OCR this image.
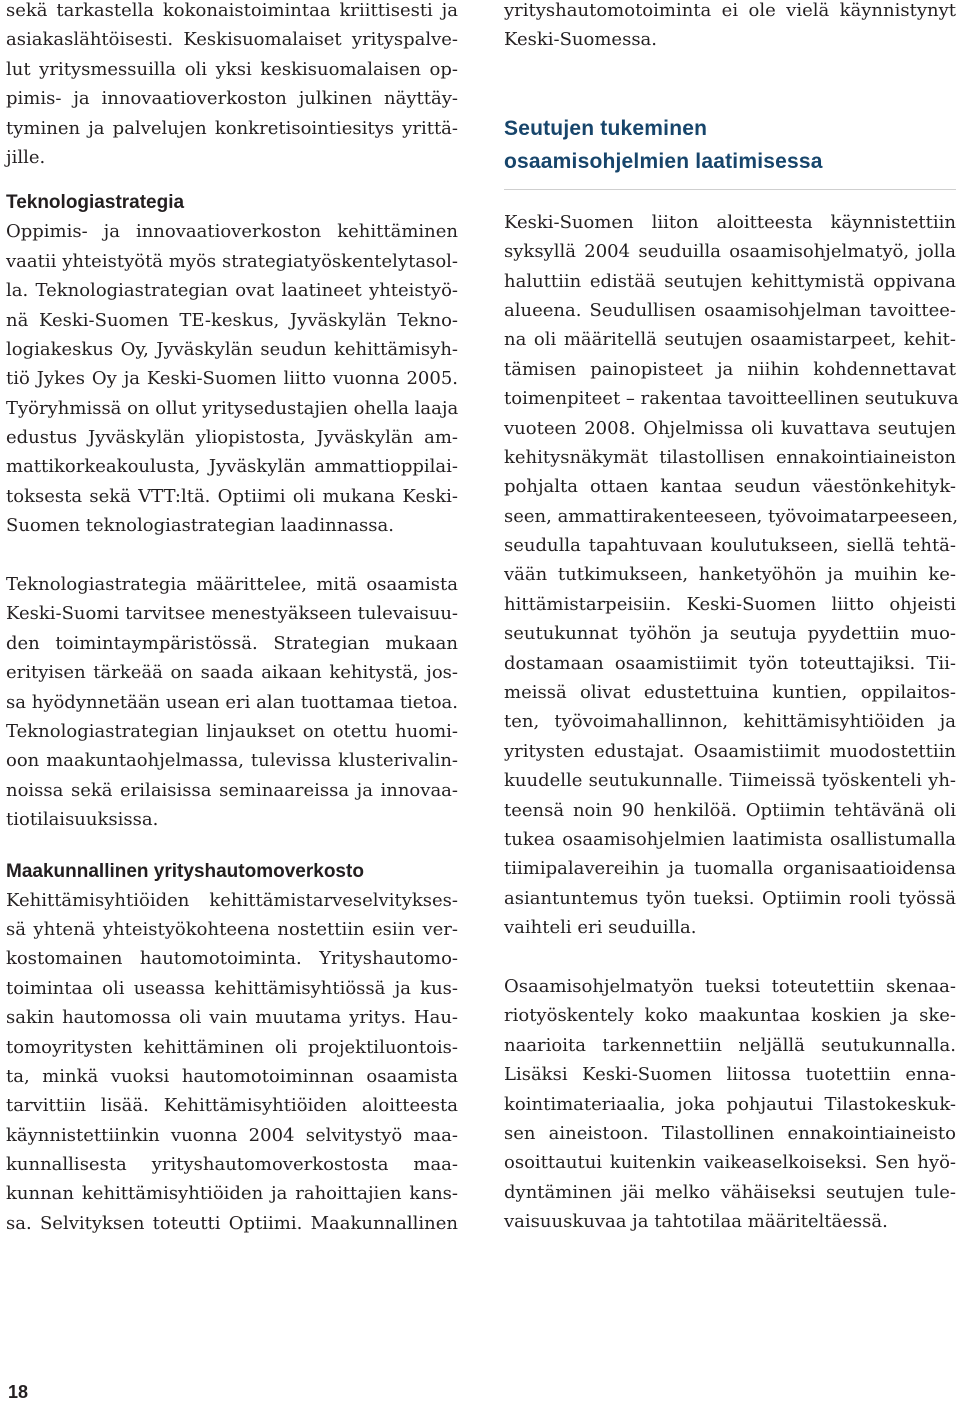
sekä tarkastella kokonaistoimintaa kriittisesti ja
asiakaslähtöisesti. Keskisuomalaiset yrityspalve-
lut yritysmessuilla oli yksi keskisuomalaisen op-
pimis- ja innovaatioverkoston julkinen näyttäy-
tyminen ja palvelujen konkretisointiesitys yrittä-
jille.
Teknologiastrategia
Oppimis- ja innovaatioverkoston kehittäminen
vaatii yhteistyötä myös strategiatyöskentelytasol-
la. Teknologiastrategian ovat laatineet yhteistyö-
nä Keski-Suomen TE-keskus, Jyväskylän Tekno-
logiakeskus Oy, Jyväskylän seudun kehittämisyh-
tiö Jykes Oy ja Keski-Suomen liitto vuonna 2005.
Työryhmissä on ollut yritysedustajien ohella laaja
edustus Jyväskylän yliopistosta, Jyväskylän am-
mattikorkeakoulusta, Jyväskylän ammattioppilai-
toksesta sekä VTT:ltä. Optiimi oli mukana Keski-
Suomen teknologiastrategian laadinnassa.
Teknologiastrategia määrittelee, mitä osaamista
Keski-Suomi tarvitsee menestyäkseen tulevaisuu-
den toimintaympäristössä. Strategian mukaan
erityisen tärkeää on saada aikaan kehitystä, jos-
sa hyödynnetään usean eri alan tuottamaa tietoa.
Teknologiastrategian linjaukset on otettu huomi-
oon maakuntaohjelmassa, tulevissa klusterivalin-
noissa sekä erilaisissa seminaareissa ja innovaa-
tiotilaisuuksissa.
Maakunnallinen yrityshautomoverkosto
Kehittämisyhtiöiden kehittämistarveselvitykses-
sä yhtenä yhteistyökohteena nostettiin esiin ver-
kostomainen hautomotoiminta. Yrityshautomo-
toimintaa oli useassa kehittämisyhtiössä ja kus-
sakin hautomossa oli vain muutama yritys. Hau-
tomoyritysten kehittäminen oli projektiluontois-
ta, minkä vuoksi hautomotoiminnan osaamista
tarvittiin lisää. Kehittämisyhtiöiden aloitteesta
käynnistettiinkin vuonna 2004 selvitystyö maa-
kunnallisesta yrityshautomoverkostosta maa-
kunnan kehittämisyhtiöiden ja rahoittajien kans-
sa. Selvityksen toteutti Optiimi. Maakunnallinen
yrityshautomotoiminta ei ole vielä käynnistynyt
Keski-Suomessa.
Seutujen tukeminen
osaamisohjelmien laatimisessa
Keski-Suomen liiton aloitteesta käynnistettiin
syksyllä 2004 seuduilla osaamisohjelmatyö, jolla
haluttiin edistää seutujen kehittymistä oppivana
alueena. Seudullisen osaamisohjelman tavoittee-
na oli määritellä seutujen osaamistarpeet, kehit-
tämisen painopisteet ja niihin kohdennettavat
toimenpiteet – rakentaa tavoitteellinen seutukuva
vuoteen 2008. Ohjelmissa oli kuvattava seutujen
kehitysnäkymät tilastollisen ennakointiaineiston
pohjalta ottaen kantaa seudun väestönkehityk-
seen, ammattirakenteeseen, työvoimatarpeeseen,
seudulla tapahtuvaan koulutukseen, siellä tehtä-
vään tutkimukseen, hanketyöhön ja muihin ke-
hittämistarpeisiin. Keski-Suomen liitto ohjeisti
seutukunnat työhön ja seutuja pyydettiin muo-
dostamaan osaamistiimit työn toteuttajiksi. Tii-
meissä olivat edustettuina kuntien, oppilaitos-
ten, työvoimahallinnon, kehittämisyhtiöiden ja
yritysten edustajat. Osaamistiimit muodostettiin
kuudelle seutukunnalle. Tiimeissä työskenteli yh-
teensä noin 90 henkilöä. Optiimin tehtävänä oli
tukea osaamisohjelmien laatimista osallistumalla
tiimipalavereihin ja tuomalla organisaatioidensa
asiantuntemus työn tueksi. Optiimin rooli työssä
vaihteli eri seuduilla.
Osaamisohjelmatyön tueksi toteutettiin skenaa-
riotyöskentely koko maakuntaa koskien ja ske-
naarioita tarkennettiin neljällä seutukunnalla.
Lisäksi Keski-Suomen liitossa tuotettiin enna-
kointimateriaalia, joka pohjautui Tilastokeskuk-
sen aineistoon. Tilastollinen ennakointiaineisto
osoittautui kuitenkin vaikeaselkoiseksi. Sen hyö-
dyntäminen jäi melko vähäiseksi seutujen tule-
vaisuuskuvaa ja tahtotilaa määriteltäessä.
18
